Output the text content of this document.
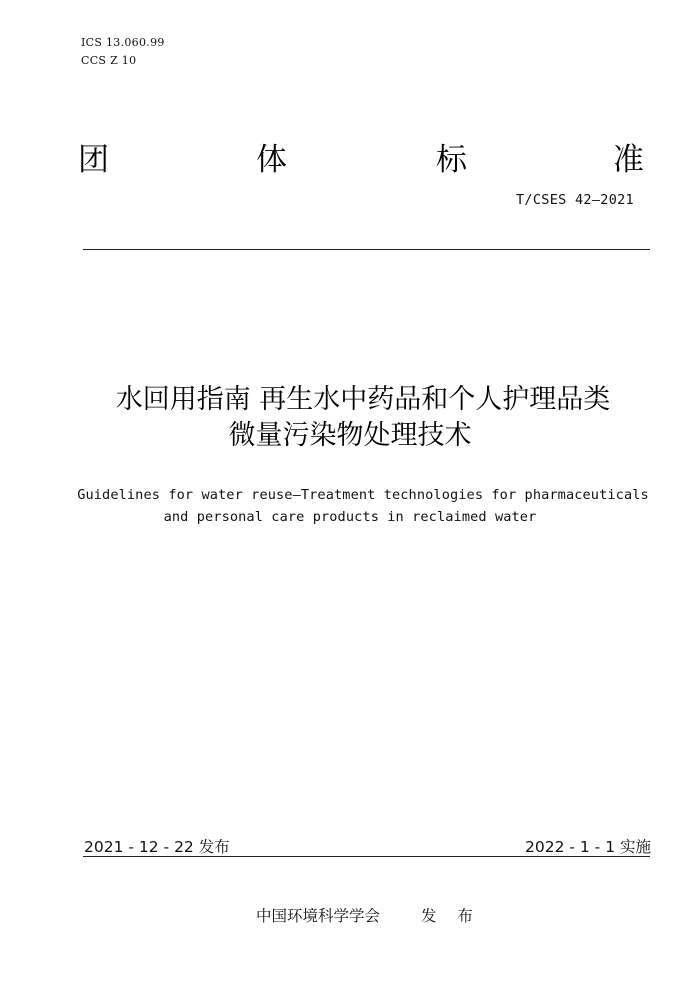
ICS 13.060.99
CCS Z 10
团	体	标	准
T/CSES 42—2021
水回用指南 再生水中药品和个人护理品类
微量污染物处理技术
Guidelines for water reuse—Treatment technologies for pharmaceuticals
and personal care products in reclaimed water
2021 - 12 - 22 发布	2022 - 1 - 1 实施
中国环境科学学会	发 布
